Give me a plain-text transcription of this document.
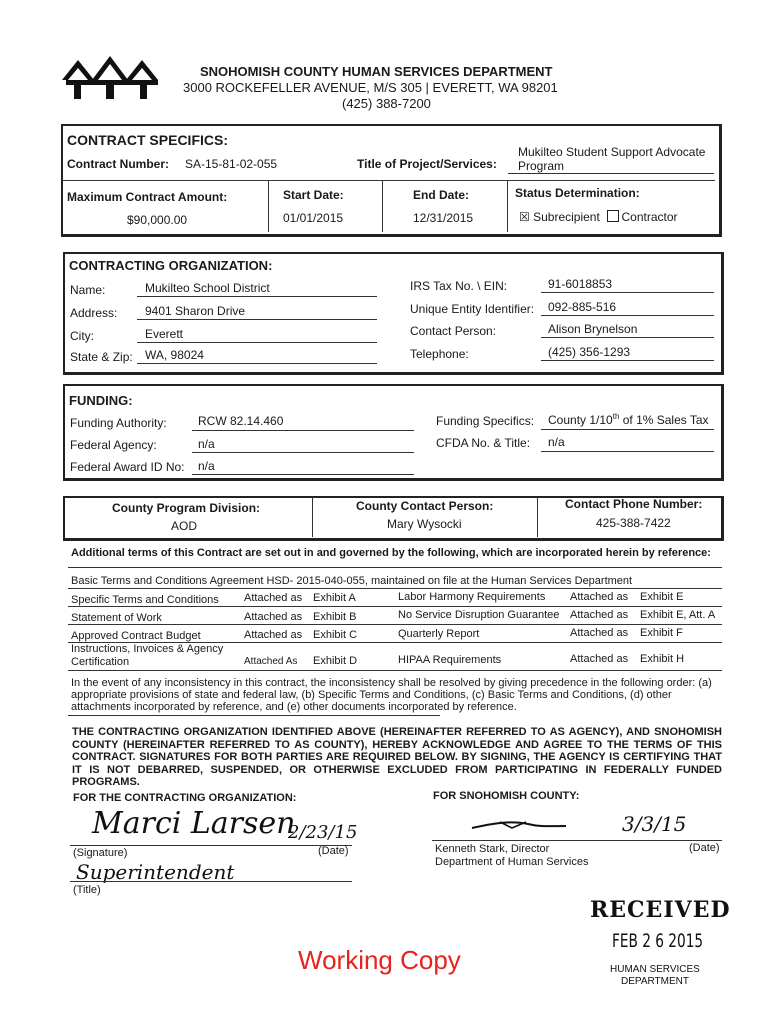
SNOHOMISH COUNTY HUMAN SERVICES DEPARTMENT
3000 ROCKEFELLER AVENUE, M/S 305 | EVERETT, WA 98201
(425) 388-7200
CONTRACT SPECIFICS:
Contract Number: SA-15-81-02-055	Title of Project/Services:
Mukilteo Student Support Advocate
Program
Maximum Contract Amount:
$90,000.00
Start Date:
01/01/2015
End Date:
12/31/2015
Status Determination:
☒ Subrecipient Contractor
CONTRACTING ORGANIZATION:
Name:	Mukilteo School District
Address: 9401 Sharon Drive
City:	Everett
State & Zip: WA, 98024
IRS Tax No. \ EIN:	91-6018853
Unique Entity Identifier: 092-885-516
Contact Person:	Alison Brynelson
Telephone:	(425) 356-1293
FUNDING:
Funding Authority:	RCW 82.14.460
Federal Agency:	n/a
Federal Award ID No: n/a
Funding Specifics: County 1/10th of 1% Sales Tax
CFDA No. & Title: n/a
County Program Division:
AOD
County Contact Person:
Mary Wysocki
Contact Phone Number:
425-388-7422
Additional terms of this Contract are set out in and governed by the following, which are incorporated herein by reference:
Basic Terms and Conditions Agreement HSD- 2015-040-055, maintained on file at the Human Services Department
Specific Terms and Conditions Attached as Exhibit A	Labor Harmony Requirements Attached as Exhibit E
Statement of Work	Attached as Exhibit B	No Service Disruption Guarantee Attached as Exhibit E, Att. A
Approved Contract Budget	Attached as Exhibit C	Quarterly Report	Attached as Exhibit F
Instructions, Invoices & Agency
Certification	Attached As Exhibit D	HIPAA Requirements	Attached as Exhibit H
In the event of any inconsistency in this contract, the inconsistency shall be resolved by giving precedence in the following order: (a) appropriate provisions of state and federal law, (b) Specific Terms and Conditions, (c) Basic Terms and Conditions, (d) other attachments incorporated by reference, and (e) other documents incorporated by reference.
THE CONTRACTING ORGANIZATION IDENTIFIED ABOVE (HEREINAFTER REFERRED TO AS AGENCY), AND SNOHOMISH COUNTY (HEREINAFTER REFERRED TO AS COUNTY), HEREBY ACKNOWLEDGE AND AGREE TO THE TERMS OF THIS CONTRACT. SIGNATURES FOR BOTH PARTIES ARE REQUIRED BELOW. BY SIGNING, THE AGENCY IS CERTIFYING THAT IT IS NOT DEBARRED, SUSPENDED, OR OTHERWISE EXCLUDED FROM PARTICIPATING IN FEDERALLY FUNDED PROGRAMS.
FOR THE CONTRACTING ORGANIZATION:	FOR SNOHOMISH COUNTY:
Marci Larsen
2/23/15
(Signature)	(Date)
Superintendent
(Title)
3/3/15
Kenneth Stark, Director
Department of Human Services
(Date)
RECEIVED
FEB 2 6 2015
HUMAN SERVICES
DEPARTMENT
Working Copy
